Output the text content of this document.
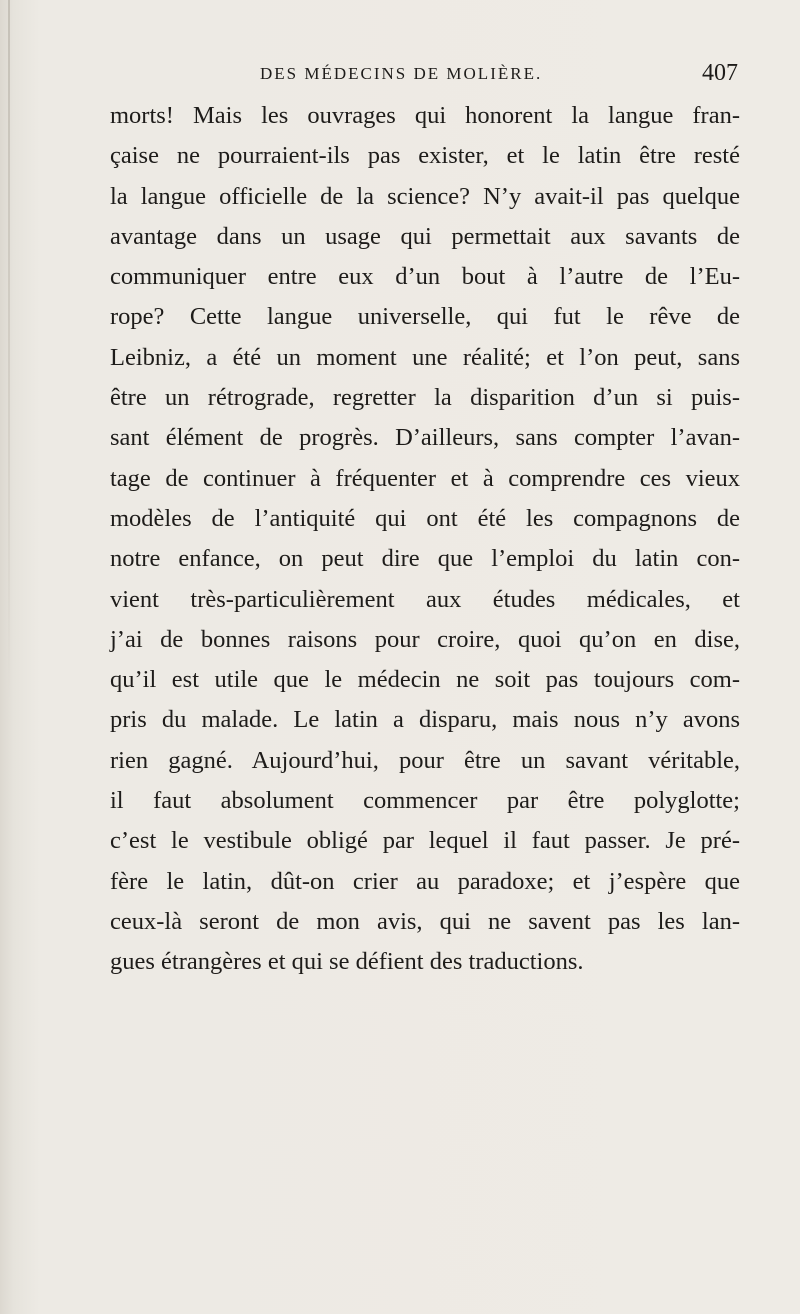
DES MÉDECINS DE MOLIÈRE.	407
morts! Mais les ouvrages qui honorent la langue fran-
çaise ne pourraient-ils pas exister, et le latin être resté
la langue officielle de la science? N’y avait-il pas quelque
avantage dans un usage qui permettait aux savants de
communiquer entre eux d’un bout à l’autre de l’Eu-
rope? Cette langue universelle, qui fut le rêve de
Leibniz, a été un moment une réalité; et l’on peut, sans
être un rétrograde, regretter la disparition d’un si puis-
sant élément de progrès. D’ailleurs, sans compter l’avan-
tage de continuer à fréquenter et à comprendre ces vieux
modèles de l’antiquité qui ont été les compagnons de
notre enfance, on peut dire que l’emploi du latin con-
vient très-particulièrement aux études médicales, et
j’ai de bonnes raisons pour croire, quoi qu’on en dise,
qu’il est utile que le médecin ne soit pas toujours com-
pris du malade. Le latin a disparu, mais nous n’y avons
rien gagné. Aujourd’hui, pour être un savant véritable,
il faut absolument commencer par être polyglotte;
c’est le vestibule obligé par lequel il faut passer. Je pré-
fère le latin, dût-on crier au paradoxe; et j’espère que
ceux-là seront de mon avis, qui ne savent pas les lan-
gues étrangères et qui se défient des traductions.
